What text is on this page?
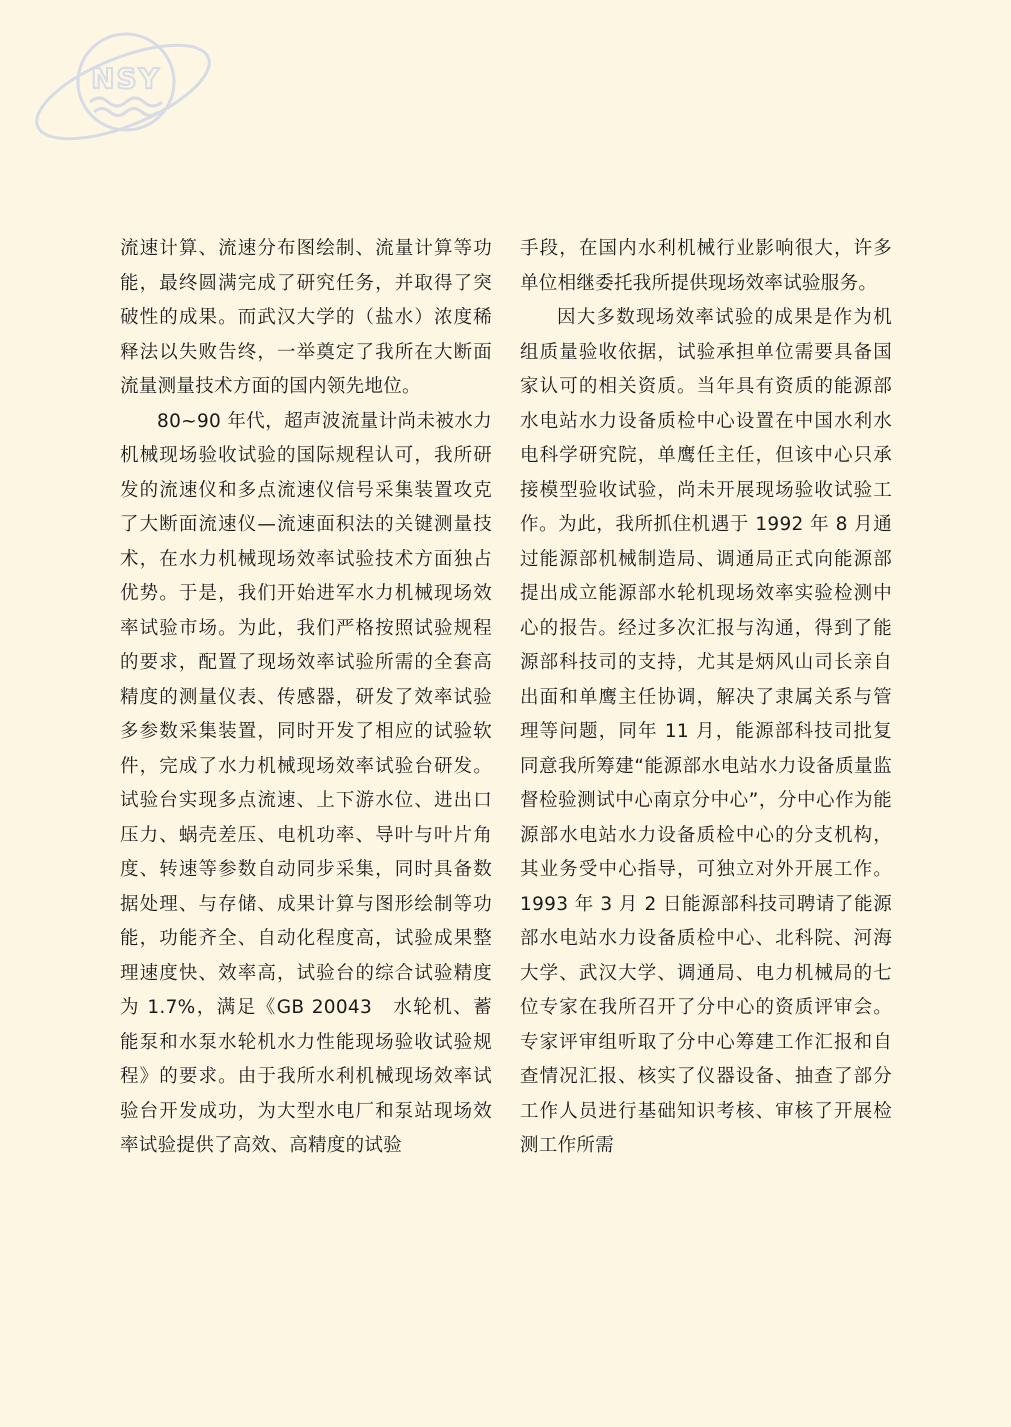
NSY

流速计算、流速分布图绘制、流量计算等功能，最终圆满完成了研究任务，并取得了突破性的成果。而武汉大学的（盐水）浓度稀释法以失败告终，一举奠定了我所在大断面流量测量技术方面的国内领先地位。

80~90 年代，超声波流量计尚未被水力机械现场验收试验的国际规程认可，我所研发的流速仪和多点流速仪信号采集装置攻克了大断面流速仪—流速面积法的关键测量技术，在水力机械现场效率试验技术方面独占优势。于是，我们开始进军水力机械现场效率试验市场。为此，我们严格按照试验规程的要求，配置了现场效率试验所需的全套高精度的测量仪表、传感器，研发了效率试验多参数采集装置，同时开发了相应的试验软件，完成了水力机械现场效率试验台研发。试验台实现多点流速、上下游水位、进出口压力、蜗壳差压、电机功率、导叶与叶片角度、转速等参数自动同步采集，同时具备数据处理、与存储、成果计算与图形绘制等功能，功能齐全、自动化程度高，试验成果整理速度快、效率高，试验台的综合试验精度为 1.7%，满足《GB 20043　水轮机、蓄能泵和水泵水轮机水力性能现场验收试验规程》的要求。由于我所水利机械现场效率试验台开发成功，为大型水电厂和泵站现场效率试验提供了高效、高精度的试验

手段，在国内水利机械行业影响很大，许多单位相继委托我所提供现场效率试验服务。

因大多数现场效率试验的成果是作为机组质量验收依据，试验承担单位需要具备国家认可的相关资质。当年具有资质的能源部水电站水力设备质检中心设置在中国水利水电科学研究院，单鹰任主任，但该中心只承接模型验收试验，尚未开展现场验收试验工作。为此，我所抓住机遇于 1992 年 8 月通过能源部机械制造局、调通局正式向能源部提出成立能源部水轮机现场效率实验检测中心的报告。经过多次汇报与沟通，得到了能源部科技司的支持，尤其是炳风山司长亲自出面和单鹰主任协调，解决了隶属关系与管理等问题，同年 11 月，能源部科技司批复同意我所筹建“能源部水电站水力设备质量监督检验测试中心南京分中心”，分中心作为能源部水电站水力设备质检中心的分支机构，其业务受中心指导，可独立对外开展工作。1993 年 3 月 2 日能源部科技司聘请了能源部水电站水力设备质检中心、北科院、河海大学、武汉大学、调通局、电力机械局的七位专家在我所召开了分中心的资质评审会。专家评审组听取了分中心筹建工作汇报和自查情况汇报、核实了仪器设备、抽查了部分工作人员进行基础知识考核、审核了开展检测工作所需
